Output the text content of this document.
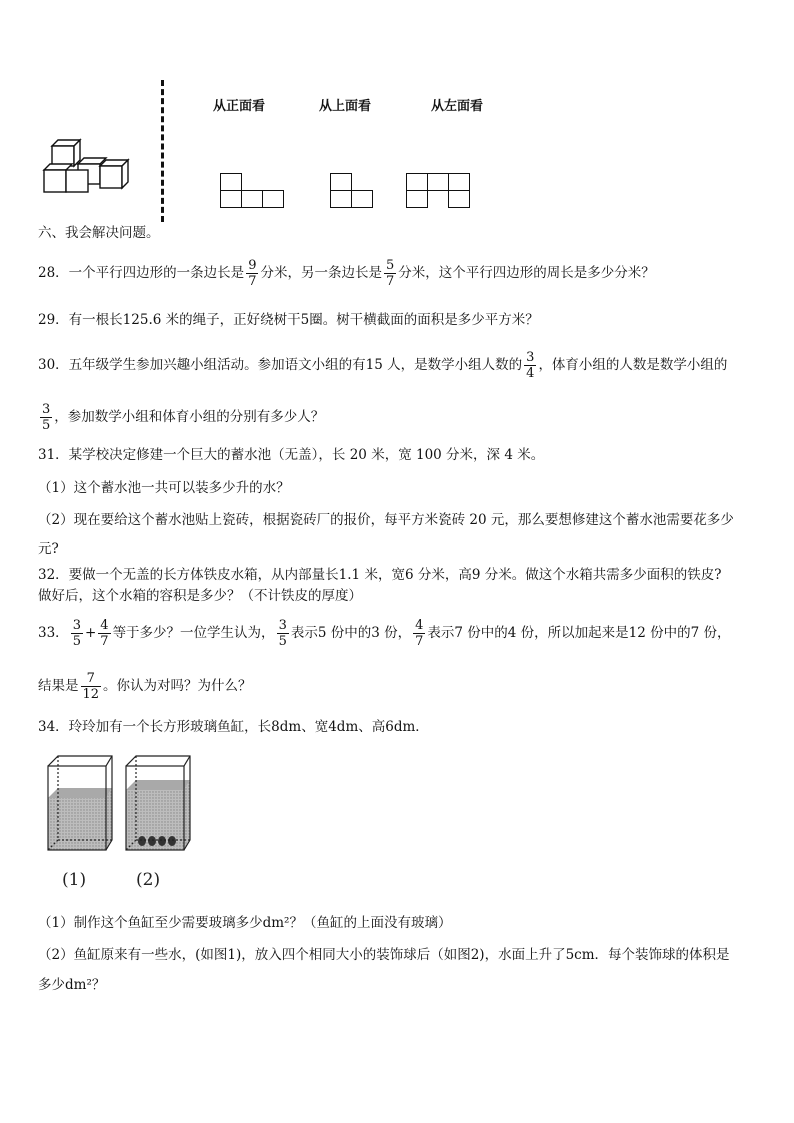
从正面看	从上面看	从左面看
六、我会解决问题。
28．一个平行四边形的一条边长是 $\frac{9}{7}$ 分米，另一条边长是 $\frac{5}{7}$ 分米，这个平行四边形的周长是多少分米？
29．有一根长125.6 米的绳子，正好绕树干5圈。树干横截面的面积是多少平方米？
30．五年级学生参加兴趣小组活动。参加语文小组的有15 人，是数学小组人数的 $\frac{3}{4}$ ，体育小组的人数是数学小组的
$\frac{3}{5}$ ，参加数学小组和体育小组的分别有多少人？
31．某学校决定修建一个巨大的蓄水池（无盖），长 20 米，宽 100 分米，深 4 米。
（1）这个蓄水池一共可以装多少升的水？
（2）现在要给这个蓄水池贴上瓷砖，根据瓷砖厂的报价，每平方米瓷砖 20 元，那么要想修建这个蓄水池需要花多少
元?
32．要做一个无盖的长方体铁皮水箱，从内部量长1.1 米，宽6 分米，高9 分米。做这个水箱共需多少面积的铁皮?
做好后，这个水箱的容积是多少？（不计铁皮的厚度）
33． $\frac{3}{5} + \frac{4}{7}$ 等于多少？一位学生认为， $\frac{3}{5}$ 表示5 份中的3 份， $\frac{4}{7}$ 表示7 份中的4 份，所以加起来是12 份中的7 份，
结果是 $\frac{7}{12}$ 。你认为对吗？为什么？
34．玲玲加有一个长方形玻璃鱼缸，长8dm、宽4dm、高6dm．
(1)	(2)
（1）制作这个鱼缸至少需要玻璃多少dm²？（鱼缸的上面没有玻璃）
（2）鱼缸原来有一些水，(如图1)，放入四个相同大小的装饰球后（如图2)，水面上升了5cm．每个装饰球的体积是
多少dm²？
